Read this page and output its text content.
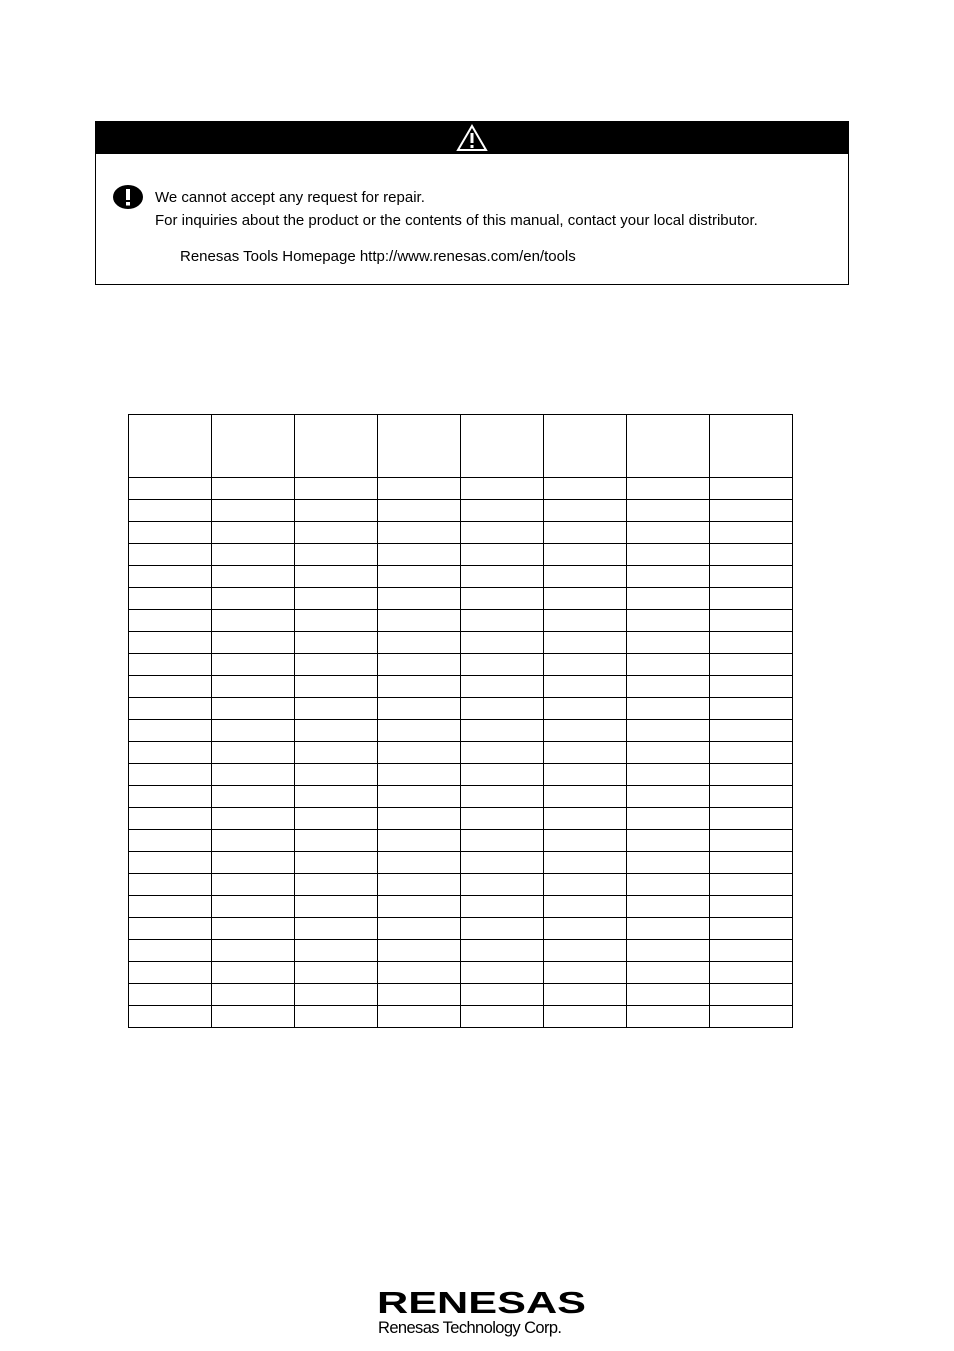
We cannot accept any request for repair.
For inquiries about the product or the contents of this manual, contact your local distributor.
Renesas Tools Homepage http://www.renesas.com/en/tools

RENESAS
Renesas Technology Corp.
